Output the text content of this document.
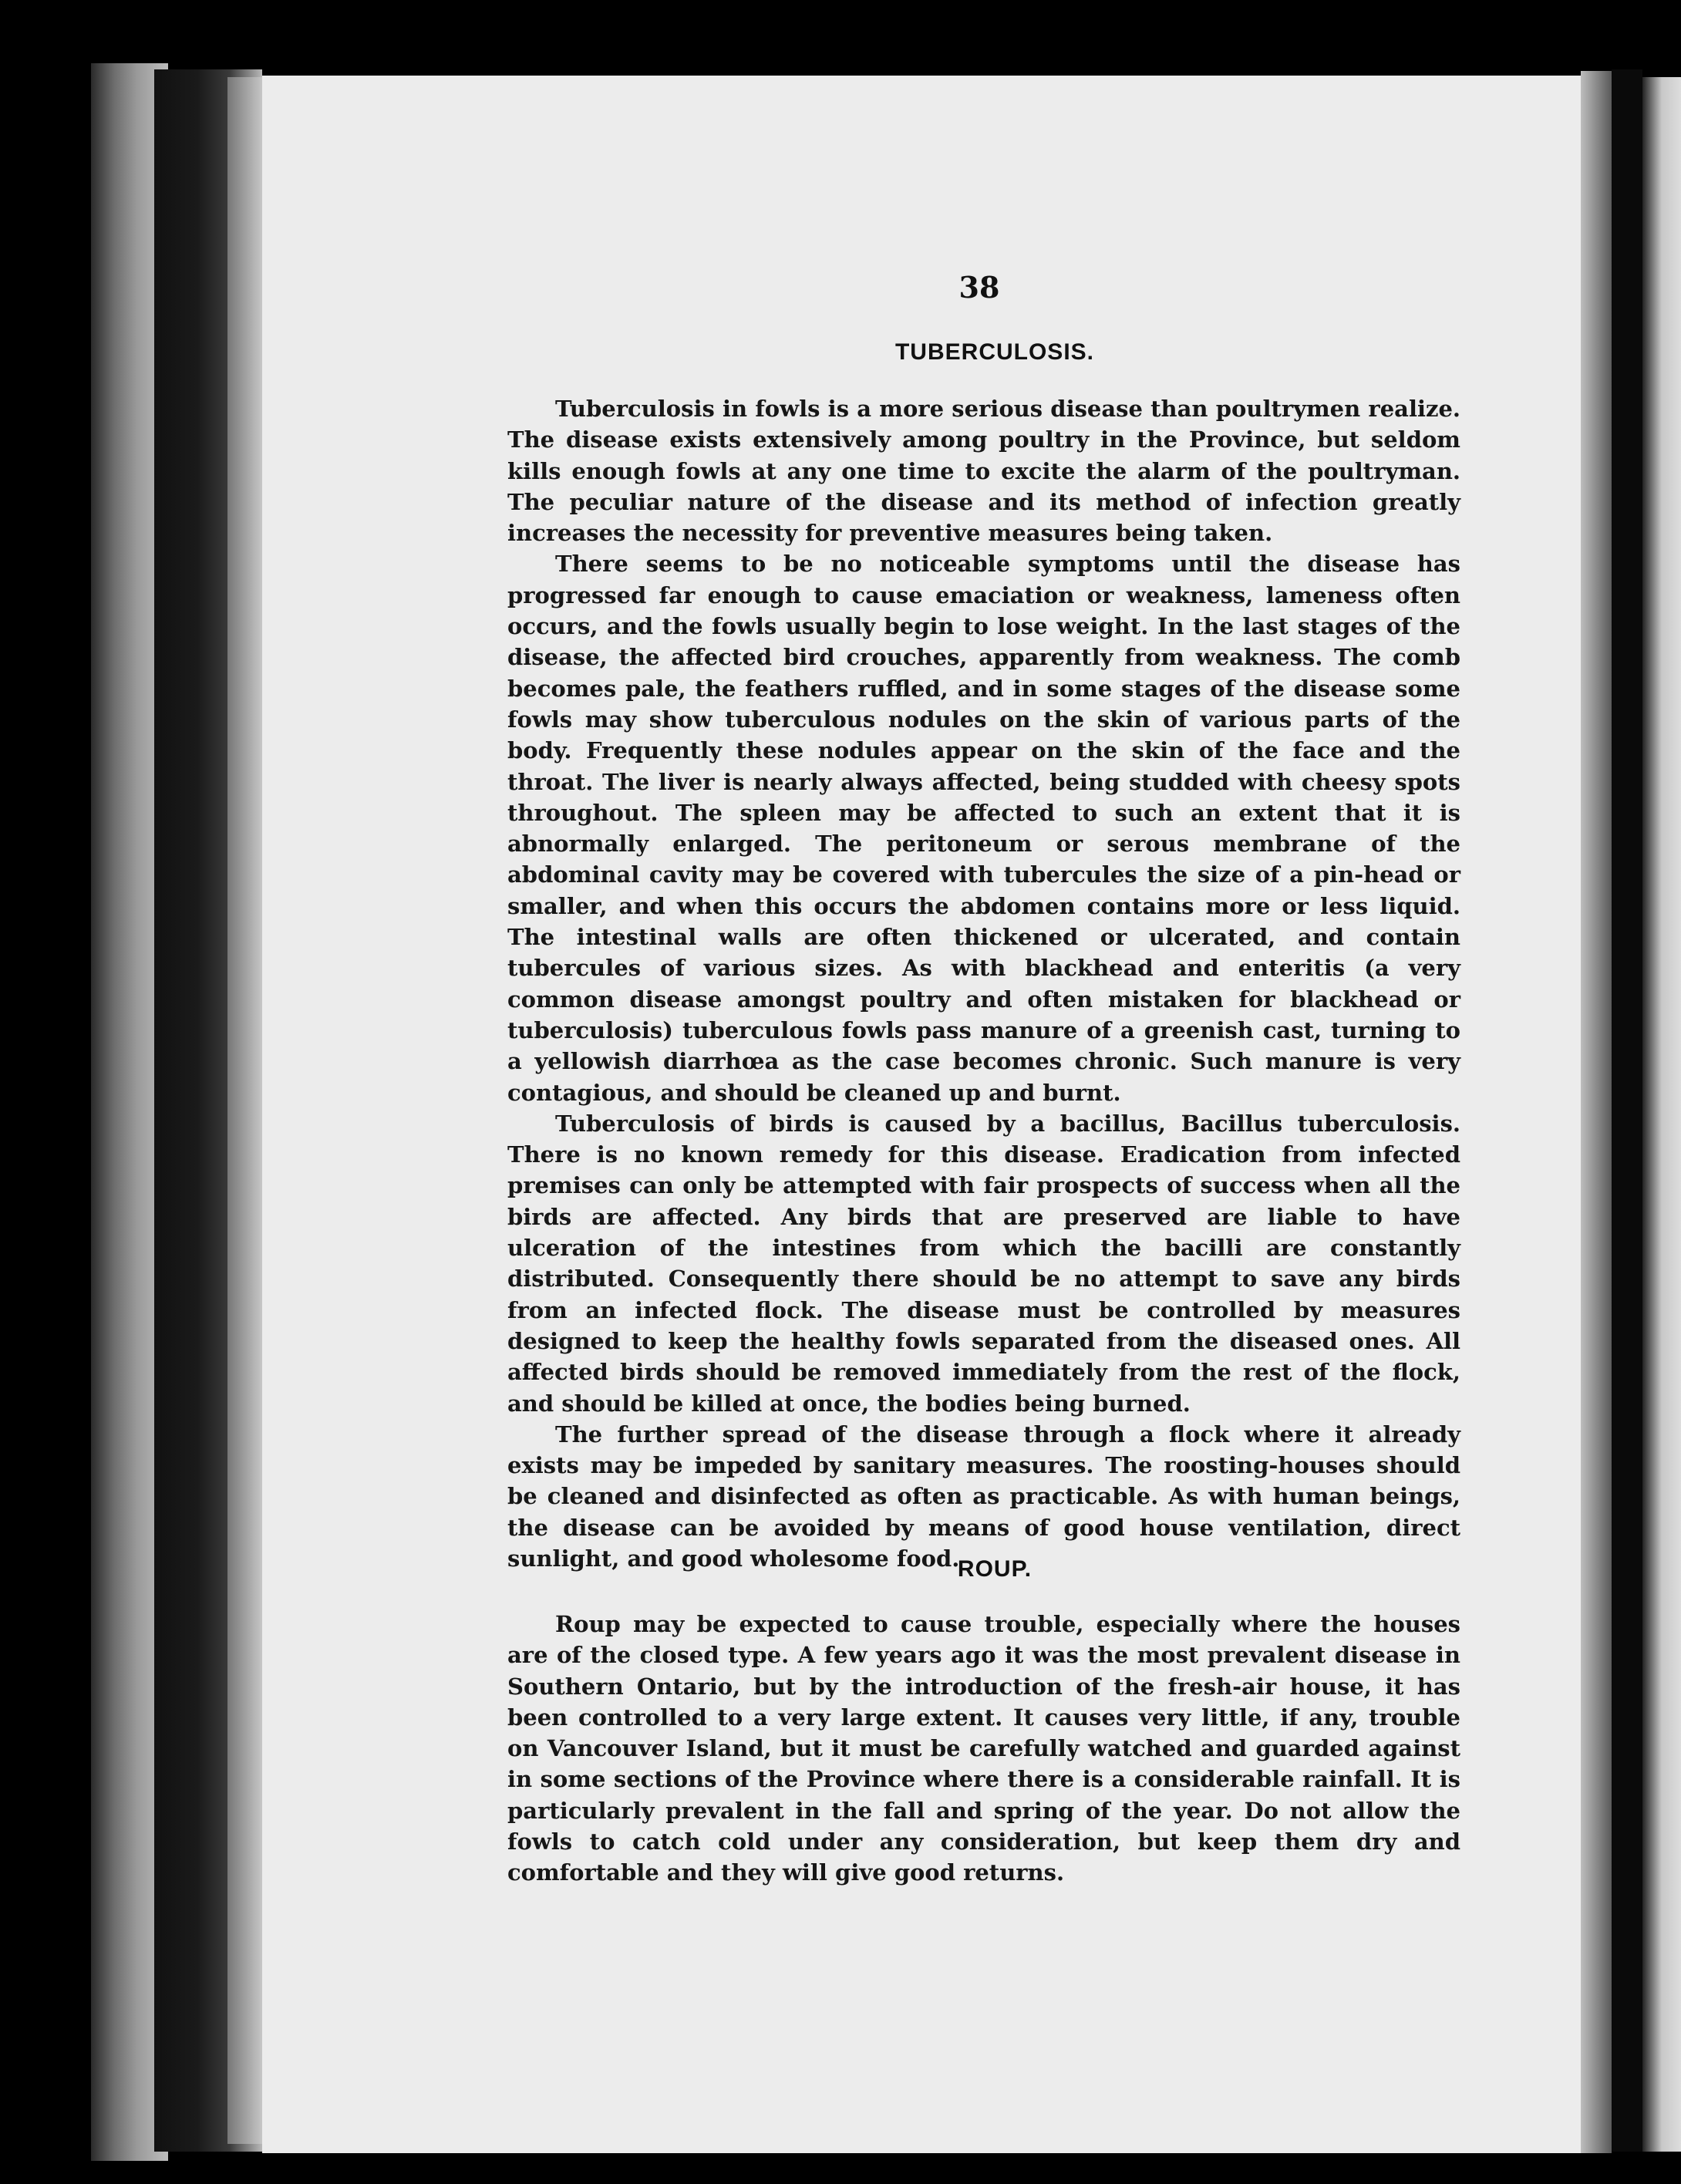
38
TUBERCULOSIS.

Tuberculosis in fowls is a more serious disease than poultrymen realize. The disease exists extensively among poultry in the Province, but seldom kills enough fowls at any one time to excite the alarm of the poultryman. The peculiar nature of the disease and its method of infection greatly increases the necessity for preventive measures being taken.

There seems to be no noticeable symptoms until the disease has progressed far enough to cause emaciation or weakness, lameness often occurs, and the fowls usually begin to lose weight. In the last stages of the disease, the affected bird crouches, apparently from weakness. The comb becomes pale, the feathers ruffled, and in some stages of the disease some fowls may show tuberculous nodules on the skin of various parts of the body. Frequently these nodules appear on the skin of the face and the throat. The liver is nearly always affected, being studded with cheesy spots throughout. The spleen may be affected to such an extent that it is abnormally enlarged. The peritoneum or serous membrane of the abdominal cavity may be covered with tubercules the size of a pin-head or smaller, and when this occurs the abdomen contains more or less liquid. The intestinal walls are often thickened or ulcerated, and contain tubercules of various sizes. As with blackhead and enteritis (a very common disease amongst poultry and often mistaken for blackhead or tuberculosis) tuberculous fowls pass manure of a greenish cast, turning to a yellowish diarrhœa as the case becomes chronic. Such manure is very contagious, and should be cleaned up and burnt.

Tuberculosis of birds is caused by a bacillus, Bacillus tuberculosis. There is no known remedy for this disease. Eradication from infected premises can only be attempted with fair prospects of success when all the birds are affected. Any birds that are preserved are liable to have ulceration of the intestines from which the bacilli are constantly distributed. Consequently there should be no attempt to save any birds from an infected flock. The disease must be controlled by measures designed to keep the healthy fowls separated from the diseased ones. All affected birds should be removed immediately from the rest of the flock, and should be killed at once, the bodies being burned.

The further spread of the disease through a flock where it already exists may be impeded by sanitary measures. The roosting-houses should be cleaned and disinfected as often as practicable. As with human beings, the disease can be avoided by means of good house ventilation, direct sunlight, and good wholesome food.

ROUP.

Roup may be expected to cause trouble, especially where the houses are of the closed type. A few years ago it was the most prevalent disease in Southern Ontario, but by the introduction of the fresh-air house, it has been controlled to a very large extent. It causes very little, if any, trouble on Vancouver Island, but it must be carefully watched and guarded against in some sections of the Province where there is a considerable rainfall. It is particularly prevalent in the fall and spring of the year. Do not allow the fowls to catch cold under any consideration, but keep them dry and comfortable and they will give good returns.
